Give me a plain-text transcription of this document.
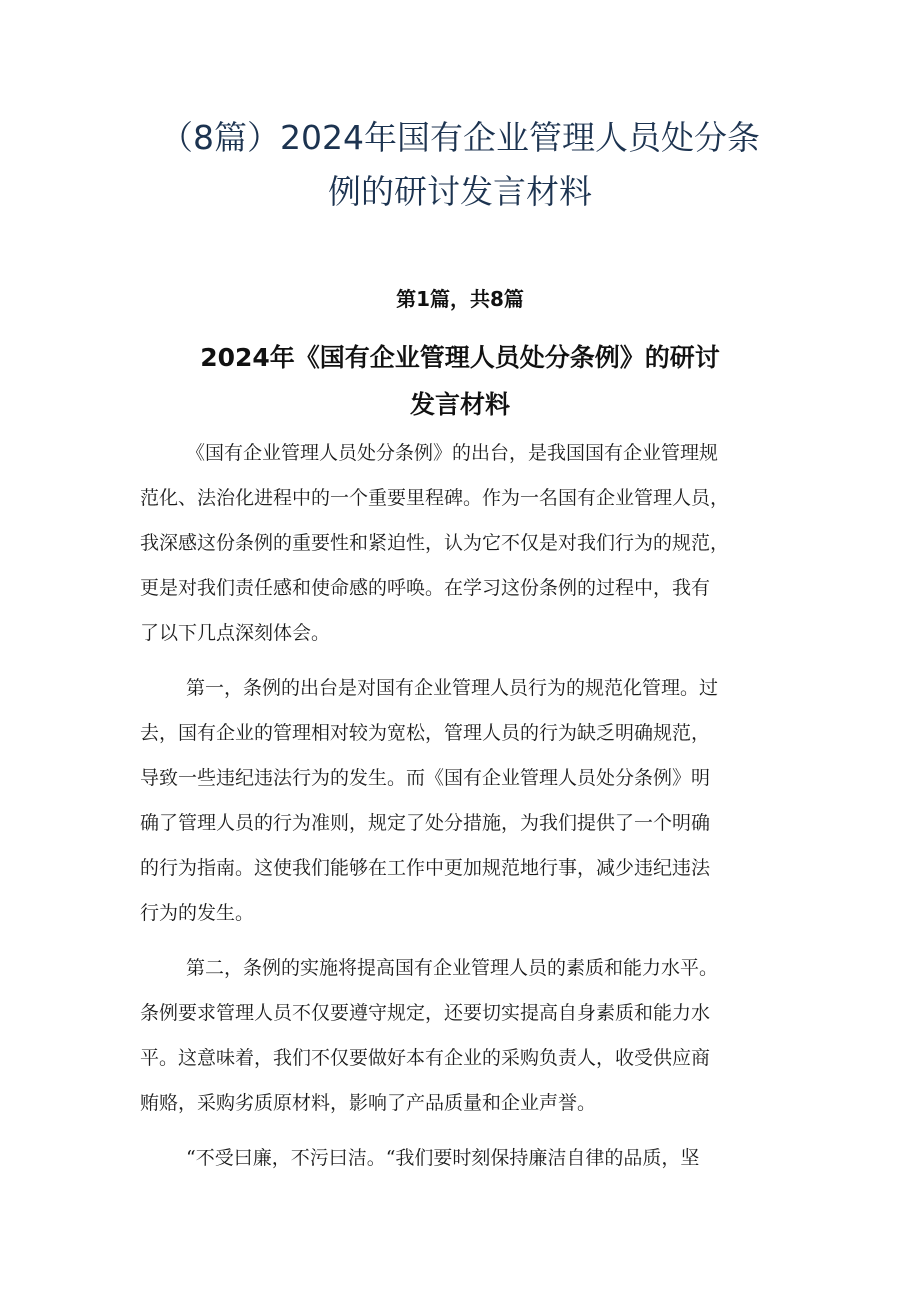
（8篇）2024年国有企业管理人员处分条
例的研讨发言材料
第1篇，共8篇
2024年《国有企业管理人员处分条例》的研讨
发言材料
《国有企业管理人员处分条例》的出台，是我国国有企业管理规
范化、法治化进程中的一个重要里程碑。作为一名国有企业管理人员，
我深感这份条例的重要性和紧迫性，认为它不仅是对我们行为的规范，
更是对我们责任感和使命感的呼唤。在学习这份条例的过程中，我有
了以下几点深刻体会。
第一，条例的出台是对国有企业管理人员行为的规范化管理。过
去，国有企业的管理相对较为宽松，管理人员的行为缺乏明确规范，
导致一些违纪违法行为的发生。而《国有企业管理人员处分条例》明
确了管理人员的行为准则，规定了处分措施，为我们提供了一个明确
的行为指南。这使我们能够在工作中更加规范地行事，减少违纪违法
行为的发生。
第二，条例的实施将提高国有企业管理人员的素质和能力水平。
条例要求管理人员不仅要遵守规定，还要切实提高自身素质和能力水
平。这意味着，我们不仅要做好本有企业的采购负责人，收受供应商
贿赂，采购劣质原材料，影响了产品质量和企业声誉。
“不受曰廉，不污曰洁。“我们要时刻保持廉洁自律的品质，坚
